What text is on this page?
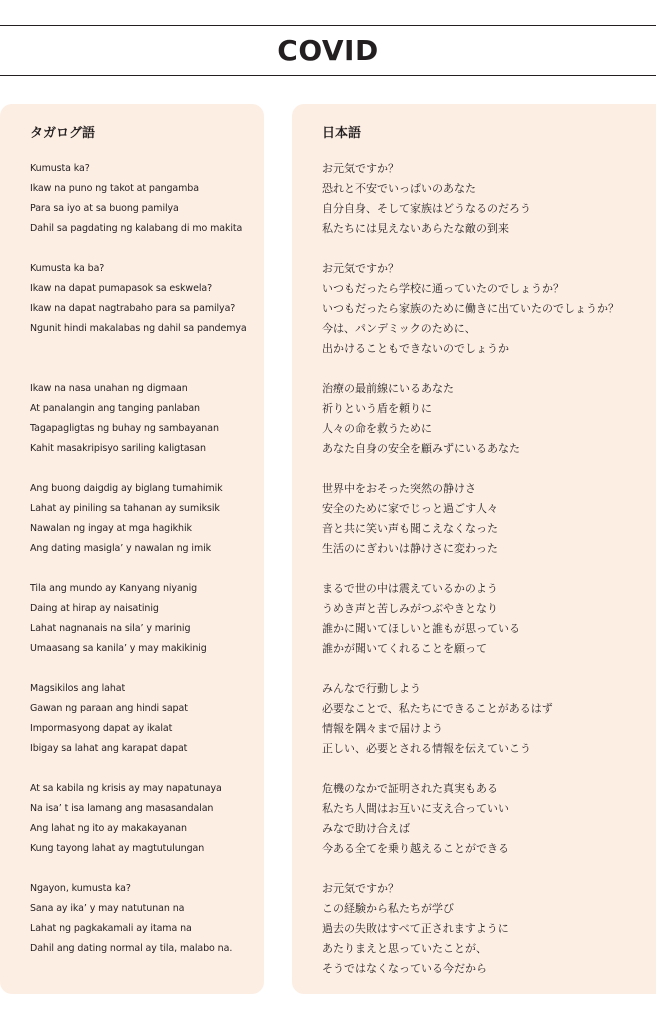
COVID
タガログ語
Kumusta ka?
Ikaw na puno ng takot at pangamba
Para sa iyo at sa buong pamilya
Dahil sa pagdating ng kalabang di mo makita
Kumusta ka ba?
Ikaw na dapat pumapasok sa eskwela?
Ikaw na dapat nagtrabaho para sa pamilya?
Ngunit hindi makalabas ng dahil sa pandemya
Ikaw na nasa unahan ng digmaan
At panalangin ang tanging panlaban
Tagapagligtas ng buhay ng sambayanan
Kahit masakripisyo sariling kaligtasan
Ang buong daigdig ay biglang tumahimik
Lahat ay piniling sa tahanan ay sumiksik
Nawalan ng ingay at mga hagikhik
Ang dating masigla’ y nawalan ng imik
Tila ang mundo ay Kanyang niyanig
Daing at hirap ay naisatinig
Lahat nagnanais na sila’ y marinig
Umaasang sa kanila’ y may makikinig
Magsikilos ang lahat
Gawan ng paraan ang hindi sapat
Impormasyong dapat ay ikalat
Ibigay sa lahat ang karapat dapat
At sa kabila ng krisis ay may napatunaya
Na isa’ t isa lamang ang masasandalan
Ang lahat ng ito ay makakayanan
Kung tayong lahat ay magtutulungan
Ngayon, kumusta ka?
Sana ay ika’ y may natutunan na
Lahat ng pagkakamali ay itama na
Dahil ang dating normal ay tila, malabo na.
日本語
お元気ですか？
恐れと不安でいっぱいのあなた
自分自身、そして家族はどうなるのだろう
私たちには見えないあらたな敵の到来
お元気ですか？
いつもだったら学校に通っていたのでしょうか？
いつもだったら家族のために働きに出ていたのでしょうか？
今は、パンデミックのために、
出かけることもできないのでしょうか
治療の最前線にいるあなた
祈りという盾を頼りに
人々の命を救うために
あなた自身の安全を顧みずにいるあなた
世界中をおそった突然の静けさ
安全のために家でじっと過ごす人々
音と共に笑い声も聞こえなくなった
生活のにぎわいは静けさに変わった
まるで世の中は震えているかのよう
うめき声と苦しみがつぶやきとなり
誰かに聞いてほしいと誰もが思っている
誰かが聞いてくれることを願って
みんなで行動しよう
必要なことで、私たちにできることがあるはず
情報を隅々まで届けよう
正しい、必要とされる情報を伝えていこう
危機のなかで証明された真実もある
私たち人間はお互いに支え合っていい
みなで助け合えば
今ある全てを乗り越えることができる
お元気ですか？
この経験から私たちが学び
過去の失敗はすべて正されますように
あたりまえと思っていたことが、
そうではなくなっている今だから
